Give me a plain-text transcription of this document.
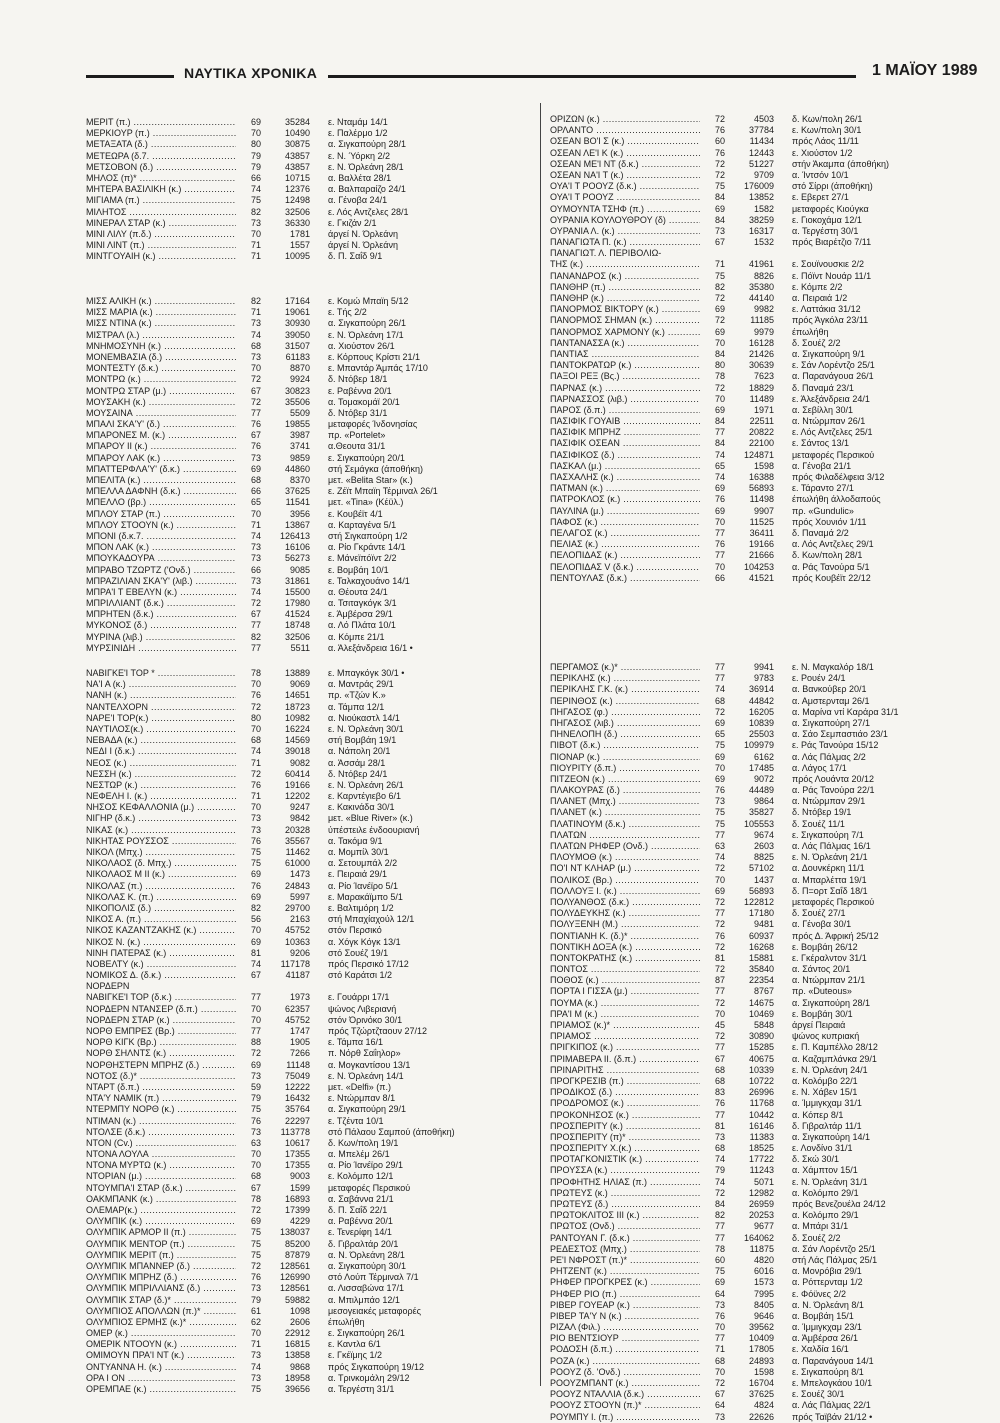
ΝΑΥΤΙΚΑ ΧΡΟΝΙΚΑ	1 ΜΑΪΟΥ 1989
ΜΕΡΙΤ (π.) .....	69	35284 ε. Νταμάμ 14/1
ΜΕΡΚΙΟΥΡ (π.) .....	70	10490 ε. Παλέρμο 1/2
ΜΕΤΑΞΑΤΑ (δ.) .....	80	30875 α. Σιγκαπούρη 28/1
ΜΕΤΕΩΡΑ (δ.7. .....	79	43857 ε. Ν. Ύόρκη 2/2
ΜΕΤΣΟΒΟΝ (δ.) .....	79	43857 ε. Ν. Όρλεάνη 28/1
ΜΗΛΟΣ (π)* .....	66	10715 α. Βαλλέτα 28/1
ΜΗΤΕΡΑ ΒΑΣΙΛΙΚΗ (κ.) .....	74	12376 α. Βαλπαραίζο 24/1
ΜΙΓΙΑΜΑ (π.) .....	75	12498 α. Γένοβα 24/1
ΜΙΛΗΤΟΣ .....	82	32506 ε. Λός Αντζελες 28/1
ΜΙΝΕΡΑΛ ΣΤΑΡ (κ.) .....	73	36330 ε. Γκιζάν 2/1
ΜΙΝΙ ΛΙΛΥ (π.δ.) .....	70	1781 άργεί Ν. Όρλεάνη
ΜΙΝΙ ΛΙΝΤ (π.) .....	71	1557 άργεί Ν. Όρλεάνη
ΜΙΝΤΓΟΥΑΙΗ (κ.) .....	71	10095 δ. Π. Σαΐδ 9/1
ΜΙΣΣ ΑΛΙΚΗ (κ.) .....	82	17164 ε. Κομώ Μπαϊη 5/12
ΜΙΣΣ ΜΑΡΙΑ (κ.) .....	71	19061 ε. Τής 2/2
ΜΙΣΣ ΝΤΙΝΑ (κ.) .....	73	30930 α. Σιγκαπούρη 26/1
ΜΙΣΤΡΑΛ (λ.) .....	74	39050 ε. Ν. Όρλεάνη 17/1
ΜΝΗΜΟΣΥΝΗ (κ.) .....	68	31507 α. Χιούστον 26/1
ΜΟΝΕΜΒΑΣΙΑ (δ.) .....	73	61183 ε. Κόρπους Κρίστι 21/1
ΜΟΝΤΕΣΤΥ (δ.κ.) .....	70	8870 ε. Μπαντάρ Άμπάς 17/10
ΜΟΝΤΡΩ (κ.) .....	72	9924 δ. Ντόβερ 18/1
ΜΟΝΤΡΩ ΣΤΑΡ (μ.) .....	67	30823 ε. Ραβέννα 20/1
ΜΟΥΣΑΚΗ (κ.) .....	72	35506 α. Τομακομάϊ 20/1
ΜΟΥΣΑΙΝΑ .....	77	5509 δ. Ντόβερ 31/1
ΜΠΑΛΙ ΣΚΑ'Υ' (δ.) .....	76	19855 μεταφορές Ίνδονησίας
ΜΠΑΡΟΝΕΣ Μ. (κ.) .....	67	3987 πρ. «Portelet»
ΜΠΑΡΟΥ ΙΙ (κ.) .....	76	3741 α.Θεουτα 31/1
ΜΠΑΡΟΥ ΛΑΚ (κ.) .....	73	9859 ε. Σιγκαπούρη 20/1
ΜΠΑΤΤΕΡΦΛΑ'Υ' (δ.κ.) .....	69	44860 στή Σεμάγκα (άποθήκη)
ΜΠΕΛΙΤΑ (κ.) .....	68	8370 μετ. «Belita Star» (κ.)
ΜΠΕΛΛΑ ΔΑΦΝΗ (δ.κ.) .....	66	37625 ε. Ζέϊτ Μπαϊη Τέρμιναλ 26/1
ΜΠΕΛΛΟ (βρ.) .....	65	11541 μετ. «Tina» (Κέϋλ.)
ΜΠΛΟΥ ΣΤΑΡ (π.) .....	70	3956 ε. Κουβέϊτ 4/1
ΜΠΛΟΥ ΣΤΟΟΥΝ (κ.) .....	71	13867 α. Καρταγένα 5/1
ΜΠΟΝΙ (δ.κ.7. .....	74	126413 στή Σιγκαπούρη 1/2
ΜΠΟΝ ΛΑΚ (κ.) .....	73	16106 α. Ρίο Γκράντε 14/1
ΜΠΟΥΚΑΔΟΥΡΑ .....	73	56273 ε. Μάνεϊπόϊντ 2/2
ΜΠΡΑΒΟ ΤΖΩΡΤΖ ('Ονδ.) .....	66	9085 ε. Βομβάη 10/1
ΜΠΡΑΖΙΛΙΑΝ ΣΚΑ'Υ' (λιβ.) .....	73	31861 ε. Ταλκαχουάνο 14/1
ΜΠΡΑ'Ι Τ ΕΒΕΛΥΝ (κ.) .....	74	15500 α. Θέουτα 24/1
ΜΠΡΙΛΛΙΑΝΤ (δ.κ.) .....	72	17980 α. Τσιταγκόγκ 3/1
ΜΠΡΗΤΕΝ (δ.κ.) .....	67	41524 ε. Άμβέρσα 29/1
ΜΥΚΟΝΟΣ (δ.) .....	77	18748 α. Λό Πλάτα 10/1
ΜΥΡΙΝΑ (λιβ.) .....	82	32506 α. Κόμπε 21/1
ΜΥΡΣΙΝΙΔΗ .....	77	5511 α. Άλεξάνδρεια 16/1 •
ΝΑΒΙΓΚΕ'Ι ΤΟΡ * .....	78	13889 ε. Μπαγκόγκ 30/1 •
ΝΑ'Ι Α (κ.) .....	70	9069 α. Μαντράς 29/1
ΝΑΝΗ (κ.) .....	76	14651 πρ. «Τζών Κ.»
ΝΑΝΤΕΛΧΟΡΝ .....	72	18723 α. Τάμπα 12/1
ΝΑΡΕ'Ι ΤΟΡ(κ.) .....	80	10982 α. Νιούκαστλ 14/1
ΝΑΥΤΙΛΟΣ(κ.) .....	70	16224 ε. Ν. Όρλεάνη 30/1
ΝΕΒΑΔΑ (κ.) .....	68	14569 στή Βομβάη 19/1
ΝΕΔΙ Ι (δ.κ.) .....	74	39018 α. Νάπολη 20/1
ΝΕΟΣ (κ.) .....	71	9082 α. Άσσάμ 28/1
ΝΕΣΣΗ (κ.) .....	72	60414 δ. Ντόβερ 24/1
ΝΕΣΤΩΡ (κ.) .....	76	19166 ε. Ν. Όρλεάνη 26/1
ΝΕΦΕΛΗ Ι. (κ.) .....	71	12202 ε. Καρντέγιεβο 6/1
ΝΗΣΟΣ ΚΕΦΑΛΛΟΝΙΑ (μ.) .....	70	9247 ε. Κακινάδα 30/1
ΝΙΓΗΡ (δ.κ.) .....	73	9842 μετ. «Blue River» (κ.)
ΝΙΚΑΣ (κ.) .....	73	20328 ύπέστειλε ένδοουριανή
ΝΙΚΗΤΑΣ ΡΟΥΣΣΟΣ .....	76	35567 α. Τακόμα 9/1
ΝΙΚΟΛ (Μπχ.) .....	75	11462 α. Μομπίλ 30/1
ΝΙΚΟΛΑΟΣ (δ. Μπχ.) .....	75	61000 α. Σετουμπάλ 2/2
ΝΙΚΟΛΑΟΣ Μ ΙΙ (κ.) .....	69	1473 ε. Πειραιά 29/1
ΝΙΚΟΛΑΣ (π.) .....	76	24843 α. Ρίο Ίανέϊρο 5/1
ΝΙΚΟΛΑΣ Κ. (π.) .....	69	5997 ε. Μαρακάϊμπο 5/1
ΝΙΚΟΠΟΛΙΣ (δ.) .....	82	29700 ε. Βαλτιμόρη 1/2
ΝΙΚΟΣ Α. (π.) .....	56	2163 στή Μπαχίαχούλ 12/1
ΝΙΚΟΣ ΚΑΖΑΝΤΖΑΚΗΣ (κ.) .....	70	45752 στόν Περσικό
ΝΙΚΟΣ Ν. (κ.) .....	69	10363 α. Χόγκ Κόγκ 13/1
ΝΙΝΗ ΠΑΤΕΡΑΣ (κ.) .....	81	9206 στό Σουέζ 19/1
ΝΟΒΕΛΤΥ (κ.) .....	74	117178 πρός Περσικό 17/12
ΝΟΜΙΚΟΣ Δ. (δ.κ.) .....	67	41187 στό Καράτσι 1/2
ΝΟΡΔΕΡΝ
ΝΑΒΙΓΚΕ'Ι ΤΟΡ (δ.κ.) .....	77	1973 ε. Γουάρρι 17/1
ΝΟΡΔΕΡΝ ΝΤΑΝΣΕΡ (δ.π.) .....	70	62357 ψώνος Λιβεριανή
ΝΟΡΔΕΡΝ ΣΤΑΡ (κ.) .....	70	45752 στόν Όρινόκο 30/1
ΝΟΡΘ ΕΜΠΡΕΣ (Βρ.) .....	77	1747 πρός Τζώρτζταουν 27/12
ΝΟΡΘ ΚΙΓΚ (Βρ.) .....	88	1905 ε. Τάμπα 16/1
ΝΟΡΘ ΣΗΛΝΤΣ (κ.) .....	72	7266 π. Νόρθ Σαΐηλορ»
ΝΟΡΘΗΣΤΕΡΝ ΜΠΡΗΖ (δ.) .....	69	11148 α. Μογκαντίσου 13/1
ΝΟΤΟΣ (δ.)* .....	73	75049 ε. Ν. Όρλεάνη 14/1
ΝΤΑΡΤ (δ.π.) .....	59	12222 μετ. «Delfi» (π.)
ΝΤΑ'Υ ΝΑΜΙΚ (π.) .....	79	16432 ε. Ντώρμπαν 8/1
ΝΤΕΡΜΠΥ ΝΟΡΘ (κ.) .....	75	35764 α. Σιγκαπούρη 29/1
ΝΤΙΜΑΝ (κ.) .....	76	22297 ε. Τζέντα 10/1
ΝΤΟΛΣΕ (δ.κ.) .....	73	113778 στό Πάλαου Σαμπού (άποθήκη)
ΝΤΟΝ (Cv.) .....	63	10617 δ. Κων/πολη 19/1
ΝΤΟΝΑ ΛΟΥΛΑ .....	70	17355 α. Μπελέμ 26/1
ΝΤΟΝΑ ΜΥΡΤΩ (κ.) .....	70	17355 α. Ρίο Ίανέϊρο 29/1
ΝΤΟΡΙΑΝ (μ.) .....	68	9003 ε. Κολόμπο 12/1
ΝΤΟΥΜΠΑ'Ι ΣΤΑΡ (δ.κ.) .....	67	1599 μεταφορές Περσικού
ΟΑΚΜΠΑΝΚ (κ.) .....	78	16893 α. Σαβάννα 21/1
ΟΛΕΜΑΡ(κ.) .....	72	17399 δ. Π. Σαΐδ 22/1
ΟΛΥΜΠΙΚ (κ.) .....	69	4229 α. Ραβέννα 20/1
ΟΛΥΜΠΙΚ ΑΡΜΟΡ ΙΙ (π.) .....	75	138037 ε. Τενερίφη 14/1
ΟΛΥΜΠΙΚ ΜΕΝΤΟΡ (π.) .....	75	85200 δ. Γιβραλτάρ 20/1
ΟΛΥΜΠΙΚ ΜΕΡΙΤ (π.) .....	75	87879 α. Ν. Όρλεάνη 28/1
ΟΛΥΜΠΙΚ ΜΠΑΝΝΕΡ (δ.) .....	72	128561 α. Σιγκαπούρη 30/1
ΟΛΥΜΠΙΚ ΜΠΡΗΖ (δ.) .....	76	126990 στό Λούπ Τέρμιναλ 7/1
ΟΛΥΜΠΙΚ ΜΠΡΙΛΛΙΑΝΣ (δ.) .....	73	128561 α. Λισσαβώνα 17/1
ΟΛΥΜΠΙΚ ΣΤΑΡ (δ.)* .....	79	59882 α. Μπιλμπάο 12/1
ΟΛΥΜΠΙΟΣ ΑΠΟΛΛΩΝ (π.)* .....	61	1098 μεσογειακές μεταφορές
ΟΛΥΜΠΙΟΣ ΕΡΜΗΣ (κ.)* .....	62	2606 έπωλήθη
ΟΜΕΡ (κ.) .....	70	22912 ε. Σιγκαπούρη 26/1
ΟΜΕΡΙΚ ΝΤΟΟΥΝ (κ.) .....	71	16815 ε. Καντλα 6/1
ΟΜΙΜΟΥΝ ΠΡΑ'Ι ΝΤ (κ.) .....	73	13858 ε. Γκέϊμης 1/2
ΟΝΤΥΑΝΝΑ Η. (κ.) .....	74	9868 πρός Σιγκαπούρη 19/12
ΟΡΑ Ι ΟΝ .....	73	18958 α. Τρινκομάλη 29/12
ΟΡΕΜΠΑΕ (κ.) .....	75	39656 α. Τεργέστη 31/1
ΟΡΙΖΩΝ (κ.) .....	72	4503 δ. Κων/πολη 26/1
ΟΡΛΑΝΤΟ .....	76	37784 ε. Κων/πολη 30/1
ΟΣΕΑΝ ΒΟ'Ι Σ (κ.) .....	60	11434 πρός Λάος 11/11
ΟΣΕΑΝ ΛΕ'Ι Κ (κ.) .....	76	12443 ε. Χιούστον 1/2
ΟΣΕΑΝ ΜΕ'Ι ΝΤ (δ.κ.) .....	72	51227 στήν Άκαμπα (άποθήκη)
ΟΣΕΑΝ ΝΑ'Ι Τ (κ.) .....	72	9709 α. Ίντσόν 10/1
ΟΥΑ'Ι Τ ΡΟΟΥΖ (δ.κ.) .....	75	176009 στό Σίρρι (άποθήκη)
ΟΥΑ'Ι Τ ΡΟΟΥΖ .....	84	13852 ε. Εβερετ 27/1
ΟΥΜΟΥΝΤΑ ΤΣΗΦ (π.) .....	69	1582 μεταφορές Κιούγκα
ΟΥΡΑΝΙΑ ΚΟΥΛΟΥΘΡΟΥ (δ) .....	84	38259 ε. Γιοκοχάμα 12/1
ΟΥΡΑΝΙΑ Λ. (κ.) .....	73	16317 α. Τεργέστη 30/1
ΠΑΝΑΓΙΩΤΑ Π. (κ.) .....	67	1532 πρός Βιαρέτζιο 7/11
ΠΑΝΑΓΙΩΤ. Λ. ΠΕΡΙΒΟΛΙΩ-
ΤΗΣ (κ.) .....	71	41961 ε. Σουϊνουσκιε 2/2
ΠΑΝΑΝΔΡΟΣ (κ.) .....	75	8826 ε. Πόϊντ Νουάρ 11/1
ΠΑΝΘΗΡ (π.) .....	82	35380 ε. Κόμπε 2/2
ΠΑΝΘΗΡ (κ.) .....	72	44140 α. Πειραιά 1/2
ΠΑΝΟΡΜΟΣ ΒΙΚΤΟΡΥ (κ.) .....	69	9982 ε. Λαττάκια 31/12
ΠΑΝΟΡΜΟΣ ΣΗΜΑΝ (κ.) .....	72	11185 πρός Άγκόλα 23/11
ΠΑΝΟΡΜΟΣ ΧΑΡΜΟΝΥ (κ.) .....	69	9979 έπωλήθη
ΠΑΝΤΑΝΑΣΣΑ (κ.) .....	70	16128 δ. Σουέζ 2/2
ΠΑΝΤΙΑΣ .....	84	21426 α. Σιγκαπούρη 9/1
ΠΑΝΤΟΚΡΑΤΩΡ (κ.) .....	80	30639 ε. Σάν Λορέντζο 25/1
ΠΑΞΟΙ ΡΕΞ (Βς.) .....	78	7623 α. Παρανάγουα 26/1
ΠΑΡΝΑΣ (κ.) .....	72	18829 δ. Παναμά 23/1
ΠΑΡΝΑΣΣΟΣ (λιβ.) .....	70	11489 ε. Άλεξάνδρεια 24/1
ΠΑΡΟΣ (δ.π.) .....	69	1971 α. Σεβίλλη 30/1
ΠΑΣΙΦΙΚ ΓΟΥΑΙΒ .....	84	22511 α. Ντώρμπαν 26/1
ΠΑΣΙΦΙΚ ΜΠΡΗΖ .....	77	20822 ε. Λός Αντζελες 25/1
ΠΑΣΙΦΙΚ ΟΣΕΑΝ .....	84	22100 ε. Σάντος 13/1
ΠΑΣΙΦΙΚΟΣ (δ.) .....	74	124871 μεταφορές Περσικού
ΠΑΣΚΑΛ (μ.) .....	65	1598 α. Γένοβα 21/1
ΠΑΣΧΑΛΗΣ (κ.) .....	74	16388 πρός Φιλαδέλφεια 3/12
ΠΑΤΜΑΝ (κ.) .....	69	56893 ε. Τάραντο 27/1
ΠΑΤΡΟΚΛΟΣ (κ.) .....	76	11498 έπωλήθη άλλοδαπούς
ΠΑΥΛΙΝΑ (μ.) .....	69	9907 πρ. «Gundulic»
ΠΑΦΟΣ (κ.) .....	70	11525 πρός Χουνιόν 1/11
ΠΕΛΑΓΟΣ (κ.) .....	77	36411 δ. Παναμά 2/2
ΠΕΛΙΑΣ (κ.) .....	76	19166 α. Λός Αντζελες 29/1
ΠΕΛΟΠΙΔΑΣ (κ.) .....	77	21666 δ. Κων/πολη 28/1
ΠΕΛΟΠΙΔΑΣ V (δ.κ.) .....	70	104253 α. Ράς Τανούρα 5/1
ΠΕΝΤΟΥΛΑΣ (δ.κ.) .....	66	41521 πρός Κουβέϊτ 22/12
ΠΕΡΓΑΜΟΣ (κ.)* .....	77	9941 ε. Ν. Μαγκαλόρ 18/1
ΠΕΡΙΚΛΗΣ (κ.) .....	77	9783 ε. Ρουέν 24/1
ΠΕΡΙΚΛΗΣ Γ.Κ. (κ.) .....	74	36914 α. Βανκούβερ 20/1
ΠΕΡΙΝΘΟΣ (κ.) .....	68	44842 α. Αμστερνταμ 26/1
ΠΗΓΑΣΟΣ (φ.) .....	72	16205 α. Μαρίνα ντί Καράρα 31/1
ΠΗΓΑΣΟΣ (λιβ.) .....	69	10839 α. Σιγκαπούρη 27/1
ΠΗΝΕΛΟΠΗ (δ.) .....	65	25503 α. Σάο Σεμπαστιάο 23/1
ΠΙΒΟΤ (δ.κ.) .....	75	109979 ε. Ράς Τανούρα 15/12
ΠΙΟΝΑΡ (κ.) .....	69	6162 α. Λάς Πάλμας 2/2
ΠΙΟΥΡΙΤΥ (δ.π.) .....	70	17485 α. Λάγος 17/1
ΠΙΤΖΕΟΝ (κ.) .....	69	9072 πρός Λουάντα 20/12
ΠΛΑΚΟΥΡΑΣ (δ.) .....	76	44489 α. Ράς Τανούρα 22/1
ΠΛΑΝΕΤ (Μπχ.) .....	73	9864 α. Ντώρμπαν 29/1
ΠΛΑΝΕΤ (κ.) .....	75	35827 δ. Ντόβερ 19/1
ΠΛΑΤΙΝΟΥΜ (δ.κ.) .....	75	105553 δ. Σουέζ 11/1
ΠΛΑΤΩΝ .....	77	9674 ε. Σιγκαπούρη 7/1
ΠΛΑΤΩΝ ΡΗΦΕΡ (Ονδ.) .....	63	2603 α. Λάς Πάλμας 16/1
ΠΛΟΥΜΟΘ (κ.) .....	74	8825 ε. Ν. Όρλεάνη 21/1
ΠΟ'Ι ΝΤ ΚΛΗΑΡ (μ.) .....	72	57102 α. Δουνκέρκη 11/1
ΠΟΛΙΚΟΣ (Βρ.) .....	70	1437 α. Μπαρλέττα 19/1
ΠΟΛΛΟΥΞ Ι. (κ.) .....	69	56893 δ. Π=ορτ Σαΐδ 18/1
ΠΟΛΥΑΝΘΟΣ (δ.κ.) .....	72	122812 μεταφορές Περσικού
ΠΟΛΥΔΕΥΚΗΣ (κ.) .....	77	17180 δ. Σουέζ 27/1
ΠΟΛΥΞΕΝΗ (Μ.) .....	72	9481 α. Γένοβα 30/1
ΠΟΝΤΙΑΝΗ Κ. (δ.)* .....	76	60937 πρός Δ. Άφρική 25/12
ΠΟΝΤΙΚΗ ΔΟΞΑ (κ.) .....	72	16268 ε. Βομβάη 26/12
ΠΟΝΤΟΚΡΑΤΗΣ (κ.) .....	81	15881 ε. Γκέραλντον 31/1
ΠΟΝΤΟΣ .....	72	35840 α. Σάντος 20/1
ΠΟΘΟΣ (κ.) .....	87	22354 α. Ντώρμπαν 21/1
ΠΟΡΤΑ Ι ΓΙΣΣΑ (μ.) .....	77	8767 πρ. «Duteous»
ΠΟΥΜΑ (κ.) .....	72	14675 α. Σιγκαπούρη 28/1
ΠΡΑ'Ι Μ (κ.) .....	70	10469 ε. Βομβάη 30/1
ΠΡΙΑΜΟΣ (κ.)* .....	45	5848 άργεί Πειραιά
ΠΡΙΑΜΟΣ .....	72	30890 ψώνος κυπριακή
ΠΡΙΓΚΙΠΟΣ (κ.) .....	77	15285 ε. Π. Καμπέλλο 28/12
ΠΡΙΜΑΒΕΡΑ ΙΙ. (δ.π.) .....	67	40675 α. Καζαμπλάνκα 29/1
ΠΡΙΝΑΡΙΤΗΣ .....	68	10339 ε. Ν. Όρλεάνη 24/1
ΠΡΟΓΚΡΕΣΙΒ (π.) .....	68	10722 α. Κολόμβο 22/1
ΠΡΟΔΙΚΟΣ (δ.) .....	83	26996 ε. Ν. Χάβεν 15/1
ΠΡΟΔΡΟΜΟΣ (κ.) .....	76	11768 α. Ίμμιγκχαμ 31/1
ΠΡΟΚΟΝΗΣΟΣ (κ.) .....	77	10442 α. Κόπερ 8/1
ΠΡΟΣΠΕΡΙΤΥ (κ.) .....	81	16146 δ. Γιβραλτάρ 11/1
ΠΡΟΣΠΕΡΙΤΥ (π)* .....	73	11383 α. Σιγκαπούρη 14/1
ΠΡΟΣΠΕΡΙΤΥ Χ.(κ.) .....	68	18525 ε. Λονδίνο 31/1
ΠΡΟΤΑΓΚΟΝΙΣΤΙΚ (κ.) .....	74	17722 δ. Σκώ 30/1
ΠΡΟΥΣΣΑ (κ.) .....	79	11243 α. Χάμπτον 15/1
ΠΡΟΦΗΤΗΣ ΗΛΙΑΣ (π.) .....	74	5071 ε. Ν. Όρλεάνη 31/1
ΠΡΩΤΕΥΣ (κ.) .....	72	12982 α. Κολόμπο 29/1
ΠΡΩΤΕΥΣ (δ.) .....	84	26959 πρός Βενεζουέλα 24/12
ΠΡΩΤΟΚΛΙΤΟΣ ΙΙΙ (κ.) .....	82	20253 α. Κολόμπο 29/1
ΠΡΩΤΟΣ (Ονδ.) .....	77	9677 α. Μπάρι 31/1
ΡΑΝΤΟΥΑΝ Γ. (δ.κ.) .....	77	164062 δ. Σουέζ 2/2
ΡΕΔΕΣΤΟΣ (Μπχ.) .....	78	11875 α. Σάν Λορέντζο 25/1
ΡΕ'Ι ΝΦΡΟΣΤ (π.)* .....	60	4820 στή Λάς Πάλμας 25/1
ΡΗΤΖΕΝΤ (κ.) .....	75	6016 α. Μονρόβια 29/1
ΡΗΦΕΡ ΠΡΟΓΚΡΕΣ (κ.) .....	69	1573 α. Ρόττερνταμ 1/2
ΡΗΦΕΡ ΡΙΟ (π.) .....	64	7995 ε. Φόϋνες 2/2
ΡΙΒΕΡ ΓΟΥΕΑΡ (κ.) .....	73	8405 α. Ν. Όρλεάνη 8/1
ΡΙΒΕΡ ΤΑ'Υ Ν (κ.) .....	76	9646 α. Βομβάη 15/1
ΡΙΖΑΛ (Φιλ.) .....	70	39562 α. Ίμμιγκχαμ 23/1
ΡΙΟ ΒΕΝΤΣΙΟΥΡ .....	77	10409 α. Άμβέρσα 26/1
ΡΟΔΟΣΗ (δ.π.) .....	71	17805 ε. Χαλδία 16/1
ΡΟΖΑ (κ.) .....	68	24893 α. Παρανάγουα 14/1
ΡΟΟΥΖ (δ. 'Ονδ.) .....	70	1598 ε. Σιγκαπούρη 8/1
ΡΟΟΥΖΜΠΑΝΤ (κ.) .....	72	16704 ε. Μπελογκάου 10/1
ΡΟΟΥΖ ΝΤΑΛΛΙΑ (δ.κ.) .....	67	37625 ε. Σουέζ 30/1
ΡΟΟΥΖ ΣΤΟΟΥΝ (π.)* .....	64	4824 α. Λάς Πάλμας 22/1
ΡΟΥΜΠΥ Ι. (π.) .....	73	22626 πρός Ταϊβάν 21/12 •
